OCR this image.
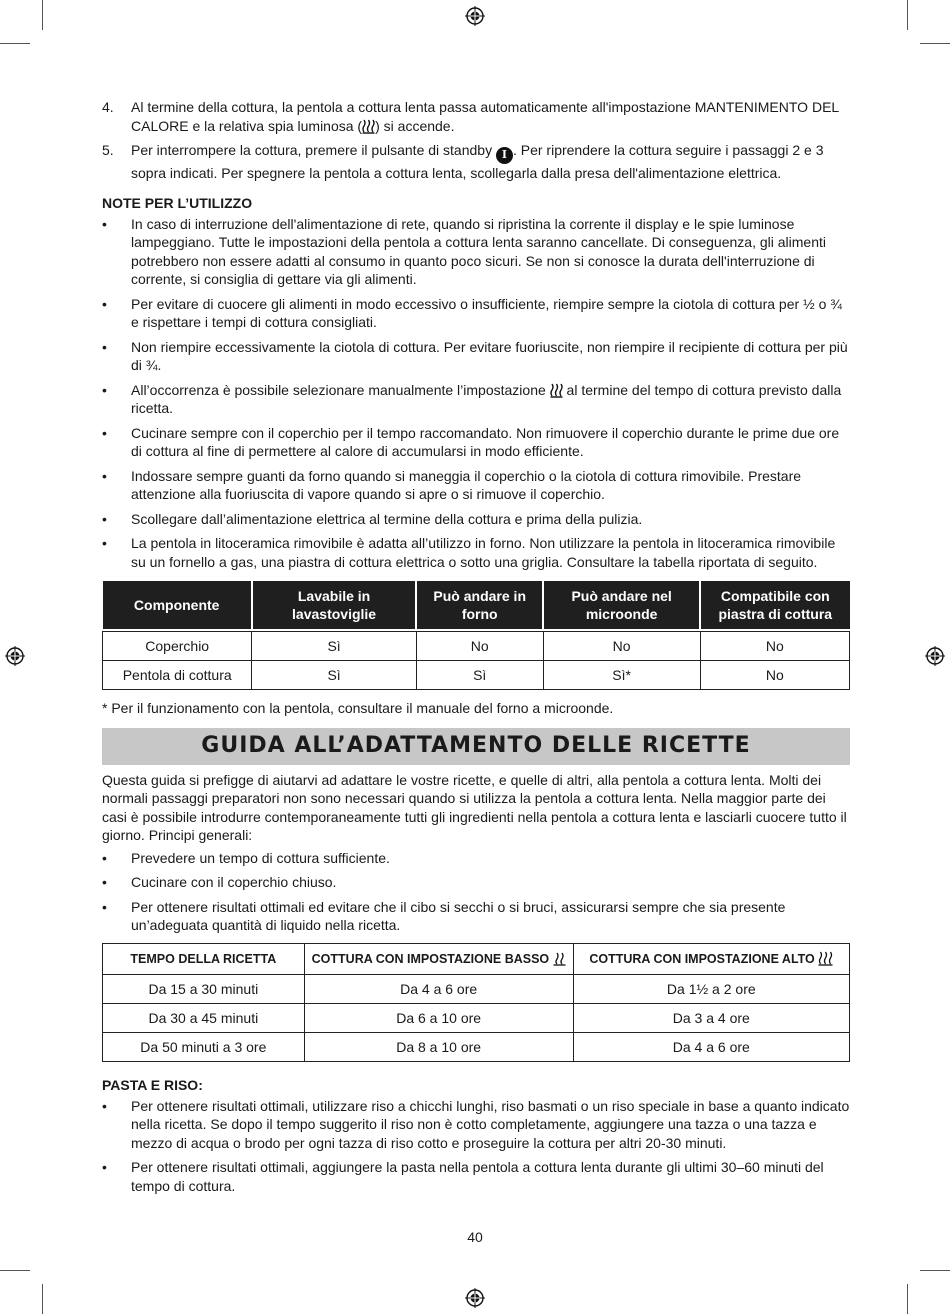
4. Al termine della cottura, la pentola a cottura lenta passa automaticamente all'impostazione MANTENIMENTO DEL CALORE e la relativa spia luminosa ( ) si accende.
5. Per interrompere la cottura, premere il pulsante di standby I . Per riprendere la cottura seguire i passaggi 2 e 3 sopra indicati. Per spegnere la pentola a cottura lenta, scollegarla dalla presa dell'alimentazione elettrica.
NOTE PER L’UTILIZZO
• In caso di interruzione dell'alimentazione di rete, quando si ripristina la corrente il display e le spie luminose lampeggiano. Tutte le impostazioni della pentola a cottura lenta saranno cancellate. Di conseguenza, gli alimenti potrebbero non essere adatti al consumo in quanto poco sicuri. Se non si conosce la durata dell'interruzione di corrente, si consiglia di gettare via gli alimenti.
• Per evitare di cuocere gli alimenti in modo eccessivo o insufficiente, riempire sempre la ciotola di cottura per ½ o ¾ e rispettare i tempi di cottura consigliati.
• Non riempire eccessivamente la ciotola di cottura. Per evitare fuoriuscite, non riempire il recipiente di cottura per più di ¾.
• All’occorrenza è possibile selezionare manualmente l’impostazione  al termine del tempo di cottura previsto dalla ricetta.
• Cucinare sempre con il coperchio per il tempo raccomandato. Non rimuovere il coperchio durante le prime due ore di cottura al fine di permettere al calore di accumularsi in modo efficiente.
• Indossare sempre guanti da forno quando si maneggia il coperchio o la ciotola di cottura rimovibile. Prestare attenzione alla fuoriuscita di vapore quando si apre o si rimuove il coperchio.
• Scollegare dall’alimentazione elettrica al termine della cottura e prima della pulizia.
• La pentola in litoceramica rimovibile è adatta all’utilizzo in forno. Non utilizzare la pentola in litoceramica rimovibile su un fornello a gas, una piastra di cottura elettrica o sotto una griglia. Consultare la tabella riportata di seguito.
Componente	Lavabile in lavastoviglie	Può andare in forno	Può andare nel microonde	Compatibile con piastra di cottura

Coperchio	Sì	No	No	No
Pentola di cottura	Sì	Sì	Sì*	No
* Per il funzionamento con la pentola, consultare il manuale del forno a microonde.
GUIDA ALL’ADATTAMENTO DELLE RICETTE
Questa guida si prefigge di aiutarvi ad adattare le vostre ricette, e quelle di altri, alla pentola a cottura lenta. Molti dei normali passaggi preparatori non sono necessari quando si utilizza la pentola a cottura lenta. Nella maggior parte dei casi è possibile introdurre contemporaneamente tutti gli ingredienti nella pentola a cottura lenta e lasciarli cuocere tutto il giorno. Principi generali:
• Prevedere un tempo di cottura sufficiente.
• Cucinare con il coperchio chiuso.
• Per ottenere risultati ottimali ed evitare che il cibo si secchi o si bruci, assicurarsi sempre che sia presente un’adeguata quantità di liquido nella ricetta.
TEMPO DELLA RICETTA	COTTURA CON IMPOSTAZIONE BASSO	COTTURA CON IMPOSTAZIONE ALTO
Da 15 a 30 minuti	Da 4 a 6 ore	Da 1½ a 2 ore
Da 30 a 45 minuti	Da 6 a 10 ore	Da 3 a 4 ore
Da 50 minuti a 3 ore	Da 8 a 10 ore	Da 4 a 6 ore
PASTA E RISO:
• Per ottenere risultati ottimali, utilizzare riso a chicchi lunghi, riso basmati o un riso speciale in base a quanto indicato nella ricetta. Se dopo il tempo suggerito il riso non è cotto completamente, aggiungere una tazza o una tazza e mezzo di acqua o brodo per ogni tazza di riso cotto e proseguire la cottura per altri 20-30 minuti.
• Per ottenere risultati ottimali, aggiungere la pasta nella pentola a cottura lenta durante gli ultimi 30–60 minuti del tempo di cottura.
40
